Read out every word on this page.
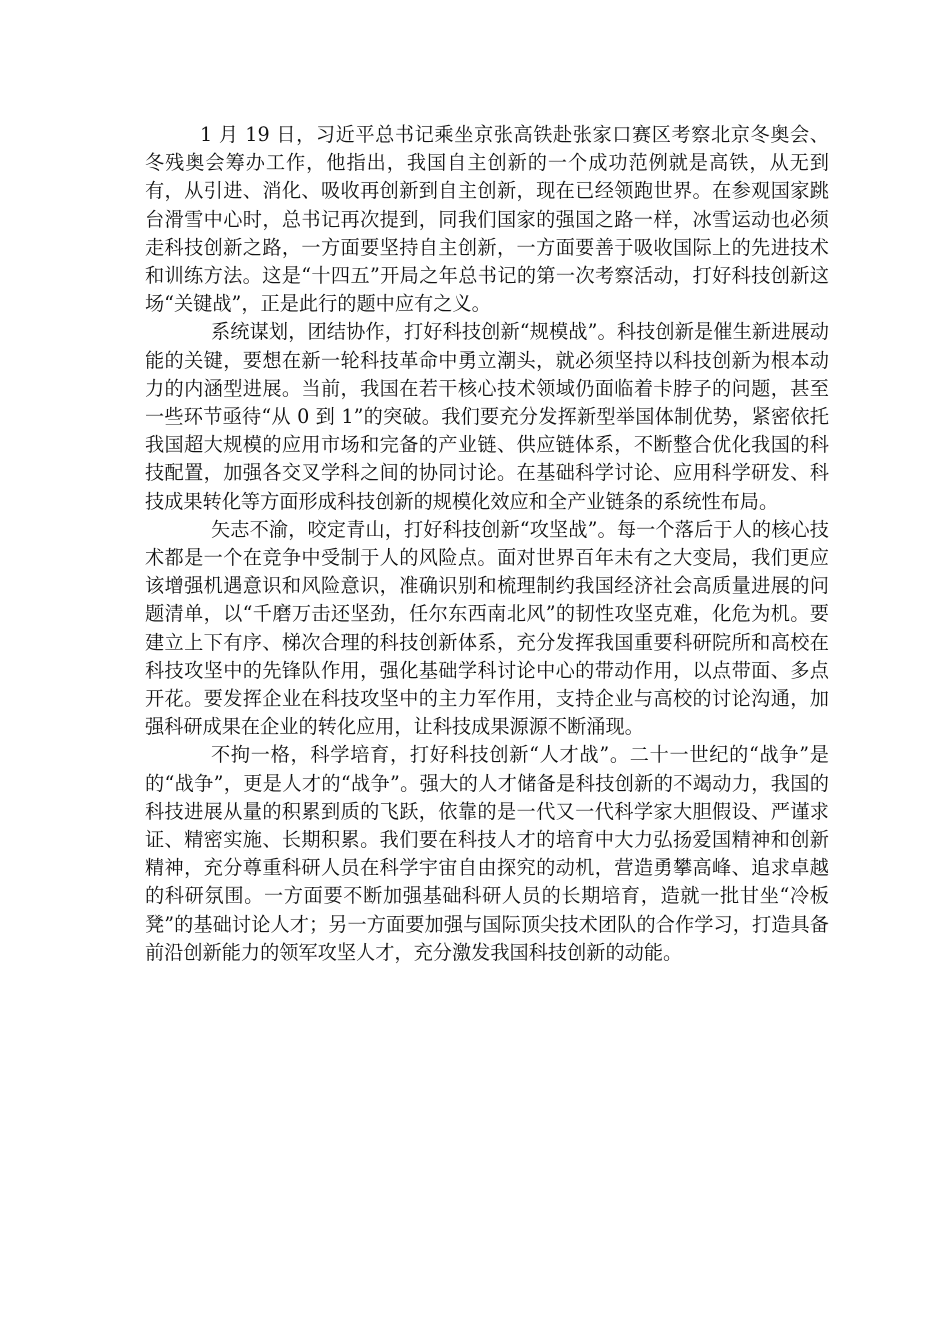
1 月 19 日，习近平总书记乘坐京张高铁赴张家口赛区考察北京冬奥会、冬残奥会筹办工作，他指出，我国自主创新的一个成功范例就是高铁，从无到有，从引进、消化、吸收再创新到自主创新，现在已经领跑世界。在参观国家跳台滑雪中心时，总书记再次提到，同我们国家的强国之路一样，冰雪运动也必须走科技创新之路，一方面要坚持自主创新，一方面要善于吸收国际上的先进技术和训练方法。这是“十四五”开局之年总书记的第一次考察活动，打好科技创新这场“关键战”，正是此行的题中应有之义。

系统谋划，团结协作，打好科技创新“规模战”。科技创新是催生新进展动能的关键，要想在新一轮科技革命中勇立潮头，就必须坚持以科技创新为根本动力的内涵型进展。当前，我国在若干核心技术领域仍面临着卡脖子的问题，甚至一些环节亟待“从 0 到 1”的突破。我们要充分发挥新型举国体制优势，紧密依托我国超大规模的应用市场和完备的产业链、供应链体系，不断整合优化我国的科技配置，加强各交叉学科之间的协同讨论。在基础科学讨论、应用科学研发、科技成果转化等方面形成科技创新的规模化效应和全产业链条的系统性布局。

矢志不渝，咬定青山，打好科技创新“攻坚战”。每一个落后于人的核心技术都是一个在竞争中受制于人的风险点。面对世界百年未有之大变局，我们更应该增强机遇意识和风险意识，准确识别和梳理制约我国经济社会高质量进展的问题清单，以“千磨万击还坚劲，任尔东西南北风”的韧性攻坚克难，化危为机。要建立上下有序、梯次合理的科技创新体系，充分发挥我国重要科研院所和高校在科技攻坚中的先锋队作用，强化基础学科讨论中心的带动作用，以点带面、多点开花。要发挥企业在科技攻坚中的主力军作用，支持企业与高校的讨论沟通，加强科研成果在企业的转化应用，让科技成果源源不断涌现。

不拘一格，科学培育，打好科技创新“人才战”。二十一世纪的“战争”是的“战争”，更是人才的“战争”。强大的人才储备是科技创新的不竭动力，我国的科技进展从量的积累到质的飞跃，依靠的是一代又一代科学家大胆假设、严谨求证、精密实施、长期积累。我们要在科技人才的培育中大力弘扬爱国精神和创新精神，充分尊重科研人员在科学宇宙自由探究的动机，营造勇攀高峰、追求卓越的科研氛围。一方面要不断加强基础科研人员的长期培育，造就一批甘坐“冷板凳”的基础讨论人才；另一方面要加强与国际顶尖技术团队的合作学习，打造具备前沿创新能力的领军攻坚人才，充分激发我国科技创新的动能。
